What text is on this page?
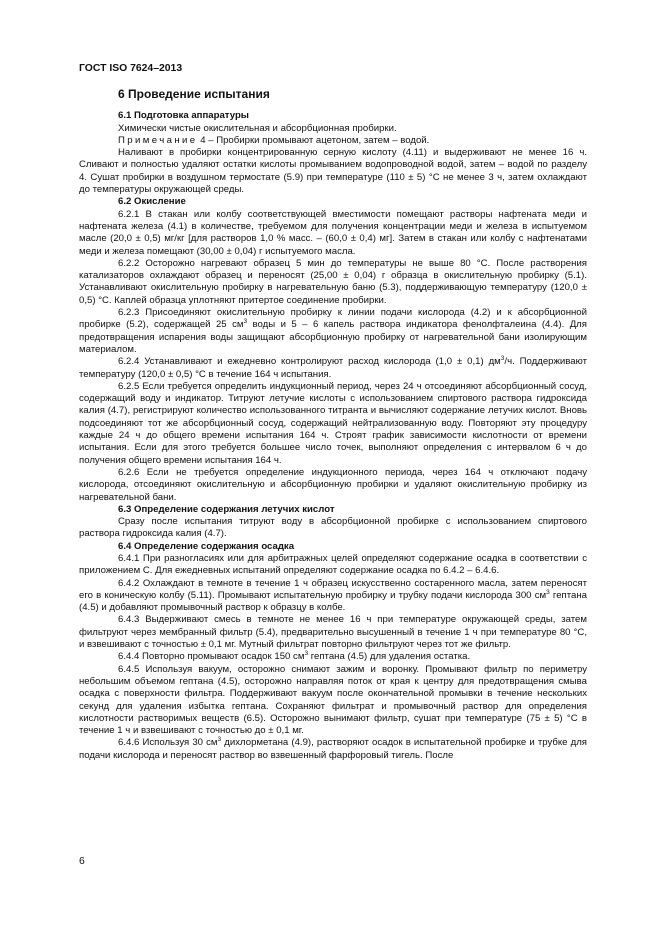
ГОСТ ISO 7624–2013
6 Проведение испытания
6.1 Подготовка аппаратуры

Химически чистые окислительная и абсорбционная пробирки.

Примечание 4 – Пробирки промывают ацетоном, затем – водой.

Наливают в пробирки концентрированную серную кислоту (4.11) и выдерживают не менее 16 ч. Сливают и полностью удаляют остатки кислоты промыванием водопроводной водой, затем – водой по разделу 4. Сушат пробирки в воздушном термостате (5.9) при температуре (110 ± 5) °С не менее 3 ч, затем охлаждают до температуры окружающей среды.

6.2 Окисление

6.2.1 В стакан или колбу соответствующей вместимости помещают растворы нафтената меди и нафтената железа (4.1) в количестве, требуемом для получения концентрации меди и железа в испытуемом масле (20,0 ± 0,5) мг/кг [для растворов 1,0 % масс. – (60,0 ± 0,4) мг]. Затем в стакан или колбу с нафтенатами меди и железа помещают (30,00 ± 0,04) г испытуемого масла.

6.2.2 Осторожно нагревают образец 5 мин до температуры не выше 80 °С. После растворения катализаторов охлаждают образец и переносят (25,00 ± 0,04) г образца в окислительную пробирку (5.1). Устанавливают окислительную пробирку в нагревательную баню (5.3), поддерживающую температуру (120,0 ± 0,5) °С. Каплей образца уплотняют притертое соединение пробирки.

6.2.3 Присоединяют окислительную пробирку к линии подачи кислорода (4.2) и к абсорбционной пробирке (5.2), содержащей 25 $см^3$ воды и 5 – 6 капель раствора индикатора фенолфталеина (4.4). Для предотвращения испарения воды защищают абсорбционную пробирку от нагревательной бани изолирующим материалом.

6.2.4 Устанавливают и ежедневно контролируют расход кислорода (1,0 ± 0,1) $дм^3/ч$. Поддерживают температуру (120,0 ± 0,5) °С в течение 164 ч испытания.

6.2.5 Если требуется определить индукционный период, через 24 ч отсоединяют абсорбционный сосуд, содержащий воду и индикатор. Титруют летучие кислоты с использованием спиртового раствора гидроксида калия (4.7), регистрируют количество использованного титранта и вычисляют содержание летучих кислот. Вновь подсоединяют тот же абсорбционный сосуд, содержащий нейтрализованную воду. Повторяют эту процедуру каждые 24 ч до общего времени испытания 164 ч. Строят график зависимости кислотности от времени испытания. Если для этого требуется большее число точек, выполняют определения с интервалом 6 ч до получения общего времени испытания 164 ч.

6.2.6 Если не требуется определение индукционного периода, через 164 ч отключают подачу кислорода, отсоединяют окислительную и абсорбционную пробирки и удаляют окислительную пробирку из нагревательной бани.

6.3 Определение содержания летучих кислот

Сразу после испытания титруют воду в абсорбционной пробирке с использованием спиртового раствора гидроксида калия (4.7).

6.4 Определение содержания осадка

6.4.1 При разногласиях или для арбитражных целей определяют содержание осадка в соответствии с приложением С. Для ежедневных испытаний определяют содержание осадка по 6.4.2 – 6.4.6.

6.4.2 Охлаждают в темноте в течение 1 ч образец искусственно состаренного масла, затем переносят его в коническую колбу (5.11). Промывают испытательную пробирку и трубку подачи кислорода 300 $см^3$ гептана (4.5) и добавляют промывочный раствор к образцу в колбе.

6.4.3 Выдерживают смесь в темноте не менее 16 ч при температуре окружающей среды, затем фильтруют через мембранный фильтр (5.4), предварительно высушенный в течение 1 ч при температуре 80 °С, и взвешивают с точностью ± 0,1 мг. Мутный фильтрат повторно фильтруют через тот же фильтр.

6.4.4 Повторно промывают осадок 150 $см^3$ гептана (4.5) для удаления остатка.

6.4.5 Используя вакуум, осторожно снимают зажим и воронку. Промывают фильтр по периметру небольшим объемом гептана (4.5), осторожно направляя поток от края к центру для предотвращения смыва осадка с поверхности фильтра. Поддерживают вакуум после окончательной промывки в течение нескольких секунд для удаления избытка гептана. Сохраняют фильтрат и промывочный раствор для определения кислотности растворимых веществ (6.5). Осторожно вынимают фильтр, сушат при температуре (75 ± 5) °С в течение 1 ч и взвешивают с точностью до ± 0,1 мг.

6.4.6 Используя 30 $см^3$ дихлорметана (4.9), растворяют осадок в испытательной пробирке и трубке для подачи кислорода и переносят раствор во взвешенный фарфоровый тигель. После

6
